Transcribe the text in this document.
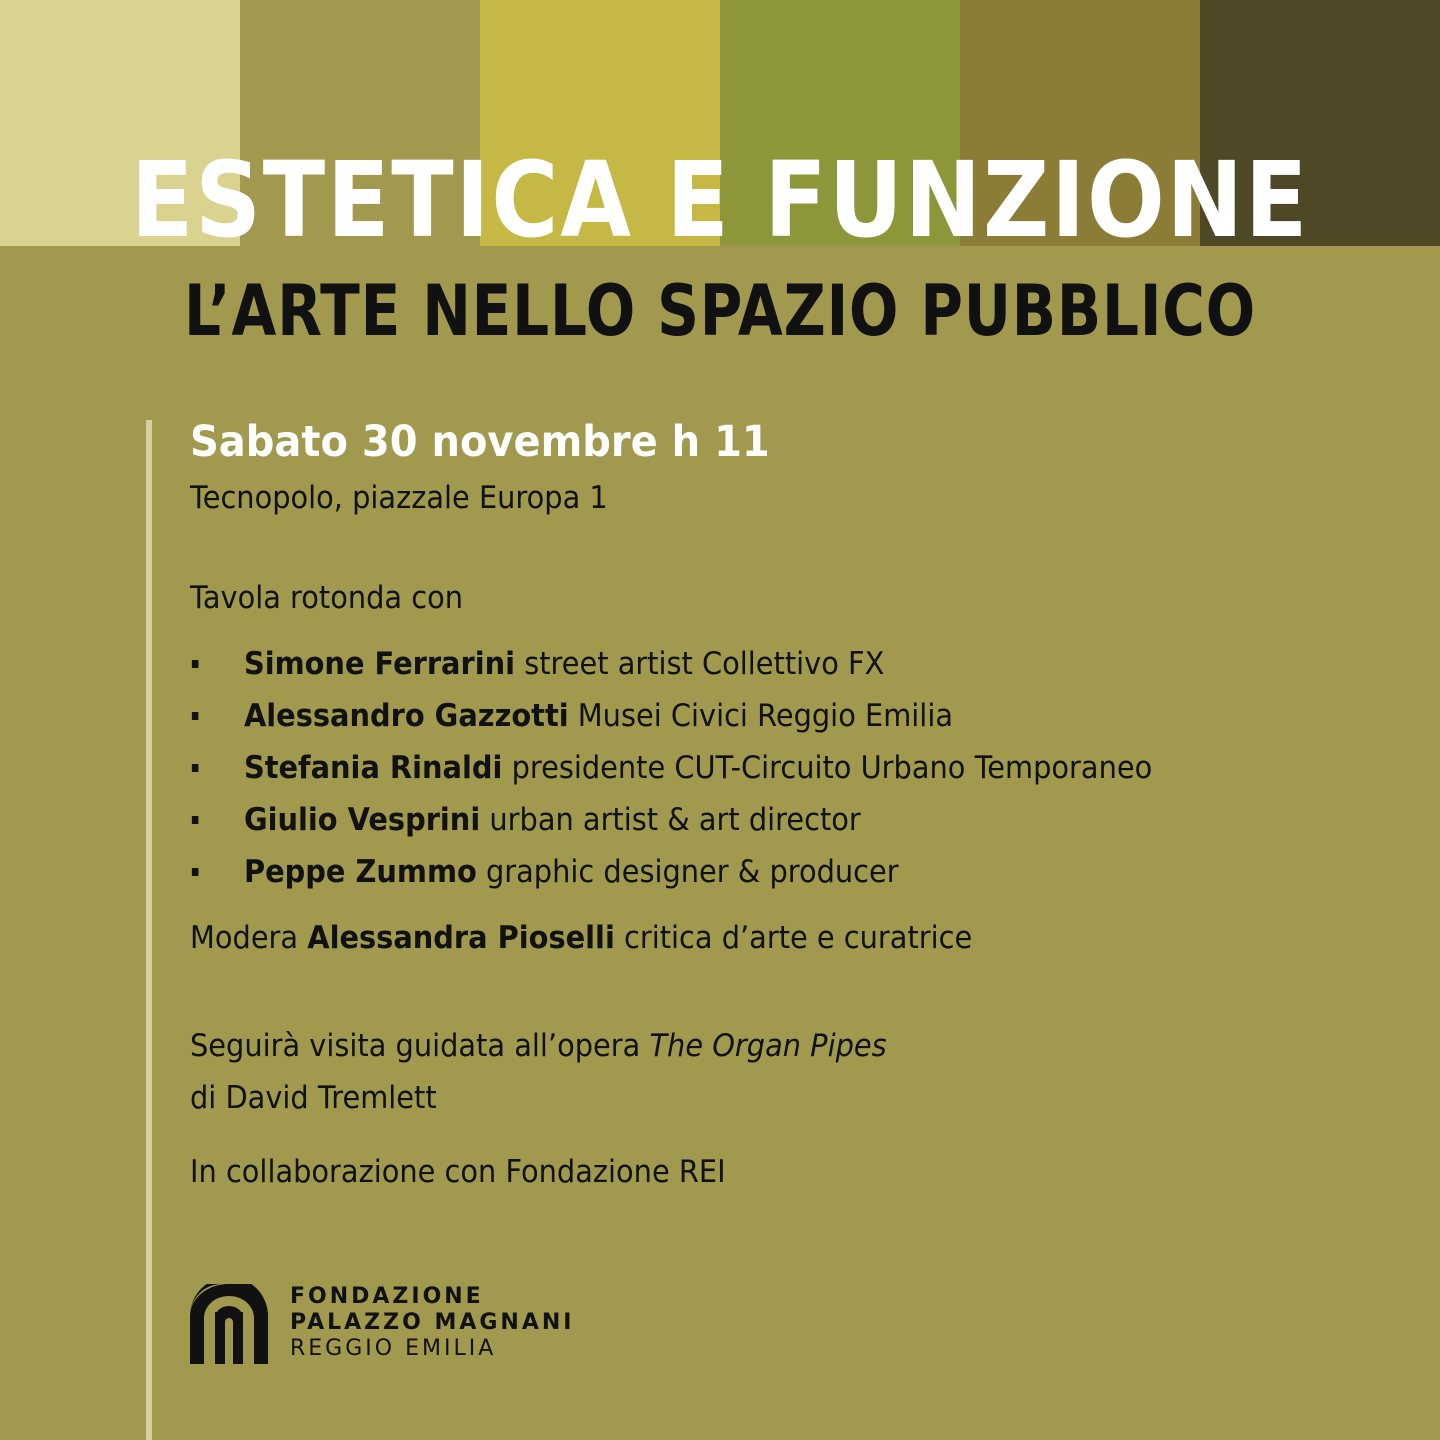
ESTETICA E FUNZIONE
L’ARTE NELLO SPAZIO PUBBLICO

Sabato 30 novembre h 11

Tecnopolo, piazzale Europa 1

Tavola rotonda con

Simone Ferrarini street artist Collettivo FX
Alessandro Gazzotti Musei Civici Reggio Emilia
Stefania Rinaldi presidente CUT-Circuito Urbano Temporaneo
Giulio Vesprini urban artist & art director
Peppe Zummo graphic designer & producer

Modera Alessandra Pioselli critica d’arte e curatrice

Seguirà visita guidata all’opera The Organ Pipes
di David Tremlett

In collaborazione con Fondazione REI

FONDAZIONE
PALAZZO MAGNANI
REGGIO EMILIA
